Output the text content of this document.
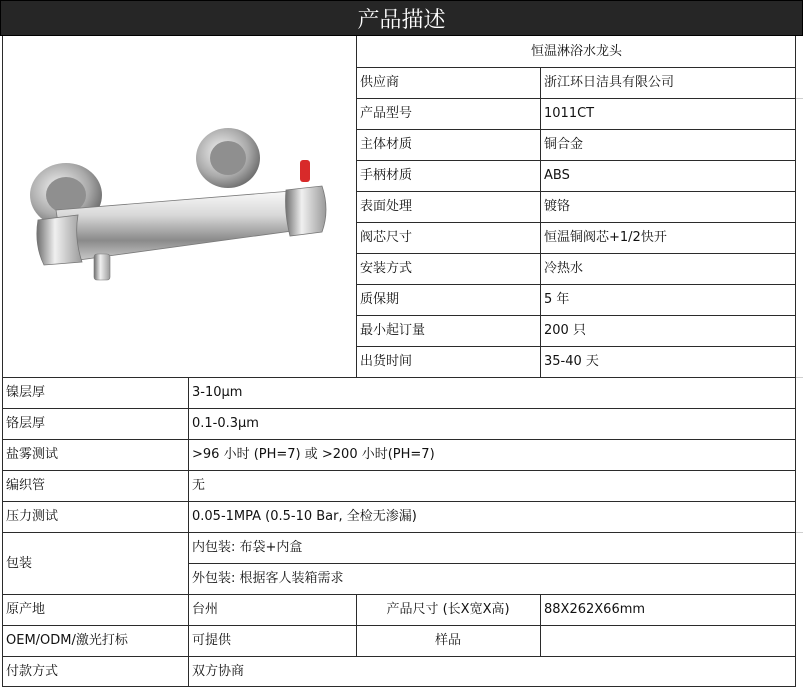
产品描述
恒温淋浴水龙头
供应商	浙江环日洁具有限公司
产品型号	1011CT
主体材质	铜合金
手柄材质	ABS
表面处理	镀铬
阀芯尺寸	恒温铜阀芯+1/2快开
安装方式	冷热水
质保期	5 年
最小起订量	200 只
出货时间	35-40 天
镍层厚	3-10μm
铬层厚	0.1-0.3μm
盐雾测试	>96 小时 (PH=7) 或 >200 小时(PH=7)
编织管	无
压力测试	0.05-1MPA (0.5-10 Bar, 全检无渗漏)
包装
内包装: 布袋+内盒
外包装: 根据客人装箱需求
原产地	台州	产品尺寸 (长X宽X高)	88X262X66mm
OEM/ODM/激光打标	可提供	样品
付款方式	双方协商
